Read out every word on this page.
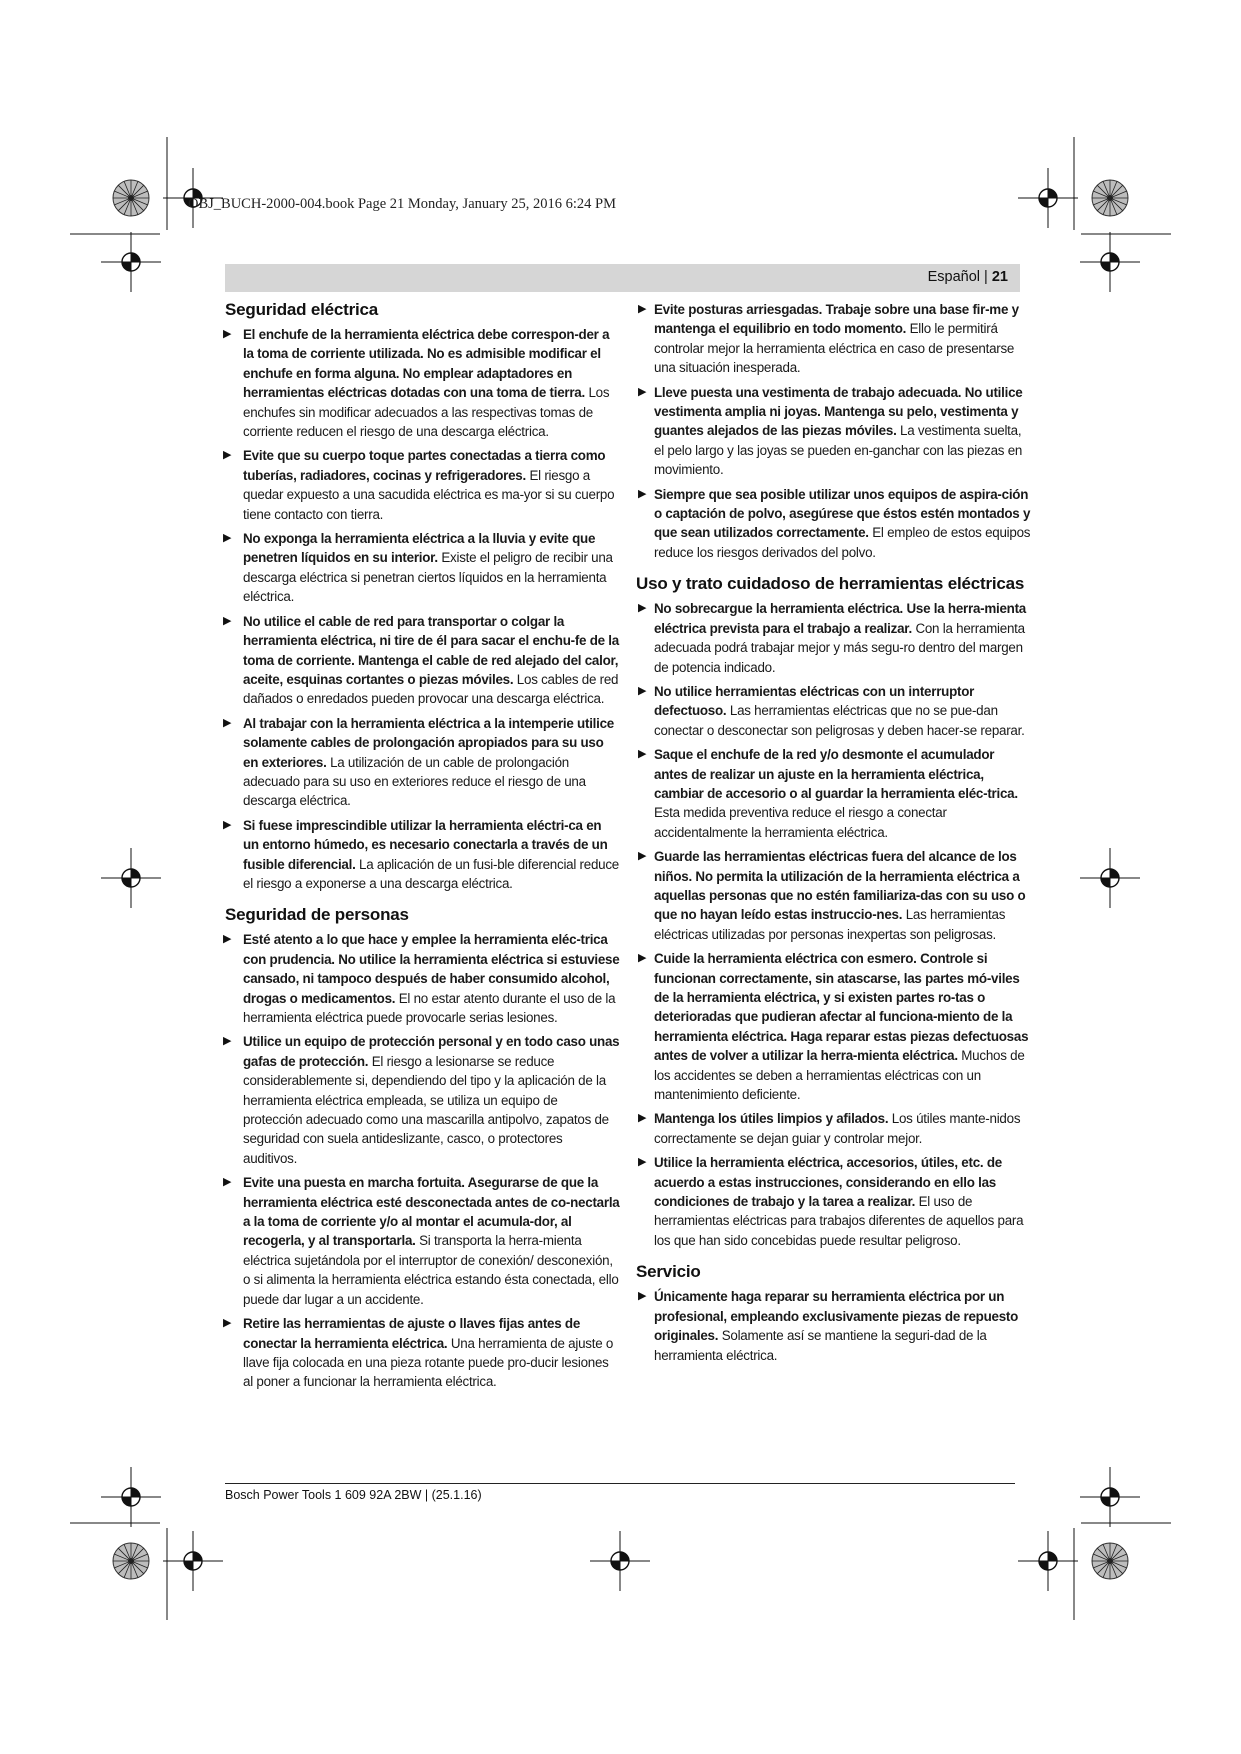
OBJ_BUCH-2000-004.book Page 21 Monday, January 25, 2016 6:24 PM
Español | 21
Seguridad eléctrica
▶ El enchufe de la herramienta eléctrica debe correspon-der a la toma de corriente utilizada. No es admisible modificar el enchufe en forma alguna. No emplear adaptadores en herramientas eléctricas dotadas con una toma de tierra. Los enchufes sin modificar adecuados a las respectivas tomas de corriente reducen el riesgo de una descarga eléctrica.
▶ Evite que su cuerpo toque partes conectadas a tierra como tuberías, radiadores, cocinas y refrigeradores. El riesgo a quedar expuesto a una sacudida eléctrica es ma-yor si su cuerpo tiene contacto con tierra.
▶ No exponga la herramienta eléctrica a la lluvia y evite que penetren líquidos en su interior. Existe el peligro de recibir una descarga eléctrica si penetran ciertos líquidos en la herramienta eléctrica.
▶ No utilice el cable de red para transportar o colgar la herramienta eléctrica, ni tire de él para sacar el enchu-fe de la toma de corriente. Mantenga el cable de red alejado del calor, aceite, esquinas cortantes o piezas móviles. Los cables de red dañados o enredados pueden provocar una descarga eléctrica.
▶ Al trabajar con la herramienta eléctrica a la intemperie utilice solamente cables de prolongación apropiados para su uso en exteriores. La utilización de un cable de prolongación adecuado para su uso en exteriores reduce el riesgo de una descarga eléctrica.
▶ Si fuese imprescindible utilizar la herramienta eléctri-ca en un entorno húmedo, es necesario conectarla a través de un fusible diferencial. La aplicación de un fusi-ble diferencial reduce el riesgo a exponerse a una descarga eléctrica.
Seguridad de personas
▶ Esté atento a lo que hace y emplee la herramienta eléc-trica con prudencia. No utilice la herramienta eléctrica si estuviese cansado, ni tampoco después de haber consumido alcohol, drogas o medicamentos. El no estar atento durante el uso de la herramienta eléctrica puede provocarle serias lesiones.
▶ Utilice un equipo de protección personal y en todo caso unas gafas de protección. El riesgo a lesionarse se reduce considerablemente si, dependiendo del tipo y la aplicación de la herramienta eléctrica empleada, se utiliza un equipo de protección adecuado como una mascarilla antipolvo, zapatos de seguridad con suela antideslizante, casco, o protectores auditivos.
▶ Evite una puesta en marcha fortuita. Asegurarse de que la herramienta eléctrica esté desconectada antes de co-nectarla a la toma de corriente y/o al montar el acumula-dor, al recogerla, y al transportarla. Si transporta la herra-mienta eléctrica sujetándola por el interruptor de conexión/ desconexión, o si alimenta la herramienta eléctrica estando ésta conectada, ello puede dar lugar a un accidente.
▶ Retire las herramientas de ajuste o llaves fijas antes de conectar la herramienta eléctrica. Una herramienta de ajuste o llave fija colocada en una pieza rotante puede pro-ducir lesiones al poner a funcionar la herramienta eléctrica.
▶ Evite posturas arriesgadas. Trabaje sobre una base fir-me y mantenga el equilibrio en todo momento. Ello le permitirá controlar mejor la herramienta eléctrica en caso de presentarse una situación inesperada.
▶ Lleve puesta una vestimenta de trabajo adecuada. No utilice vestimenta amplia ni joyas. Mantenga su pelo, vestimenta y guantes alejados de las piezas móviles. La vestimenta suelta, el pelo largo y las joyas se pueden en-ganchar con las piezas en movimiento.
▶ Siempre que sea posible utilizar unos equipos de aspira-ción o captación de polvo, asegúrese que éstos estén montados y que sean utilizados correctamente. El empleo de estos equipos reduce los riesgos derivados del polvo.
Uso y trato cuidadoso de herramientas eléctricas
▶ No sobrecargue la herramienta eléctrica. Use la herra-mienta eléctrica prevista para el trabajo a realizar. Con la herramienta adecuada podrá trabajar mejor y más segu-ro dentro del margen de potencia indicado.
▶ No utilice herramientas eléctricas con un interruptor defectuoso. Las herramientas eléctricas que no se pue-dan conectar o desconectar son peligrosas y deben hacer-se reparar.
▶ Saque el enchufe de la red y/o desmonte el acumulador antes de realizar un ajuste en la herramienta eléctrica, cambiar de accesorio o al guardar la herramienta eléc-trica. Esta medida preventiva reduce el riesgo a conectar accidentalmente la herramienta eléctrica.
▶ Guarde las herramientas eléctricas fuera del alcance de los niños. No permita la utilización de la herramienta eléctrica a aquellas personas que no estén familiariza-das con su uso o que no hayan leído estas instruccio-nes. Las herramientas eléctricas utilizadas por personas inexpertas son peligrosas.
▶ Cuide la herramienta eléctrica con esmero. Controle si funcionan correctamente, sin atascarse, las partes mó-viles de la herramienta eléctrica, y si existen partes ro-tas o deterioradas que pudieran afectar al funciona-miento de la herramienta eléctrica. Haga reparar estas piezas defectuosas antes de volver a utilizar la herra-mienta eléctrica. Muchos de los accidentes se deben a herramientas eléctricas con un mantenimiento deficiente.
▶ Mantenga los útiles limpios y afilados. Los útiles mante-nidos correctamente se dejan guiar y controlar mejor.
▶ Utilice la herramienta eléctrica, accesorios, útiles, etc. de acuerdo a estas instrucciones, considerando en ello las condiciones de trabajo y la tarea a realizar. El uso de herramientas eléctricas para trabajos diferentes de aquellos para los que han sido concebidas puede resultar peligroso.
Servicio
▶ Únicamente haga reparar su herramienta eléctrica por un profesional, empleando exclusivamente piezas de repuesto originales. Solamente así se mantiene la seguri-dad de la herramienta eléctrica.
Bosch Power Tools 1 609 92A 2BW | (25.1.16)
